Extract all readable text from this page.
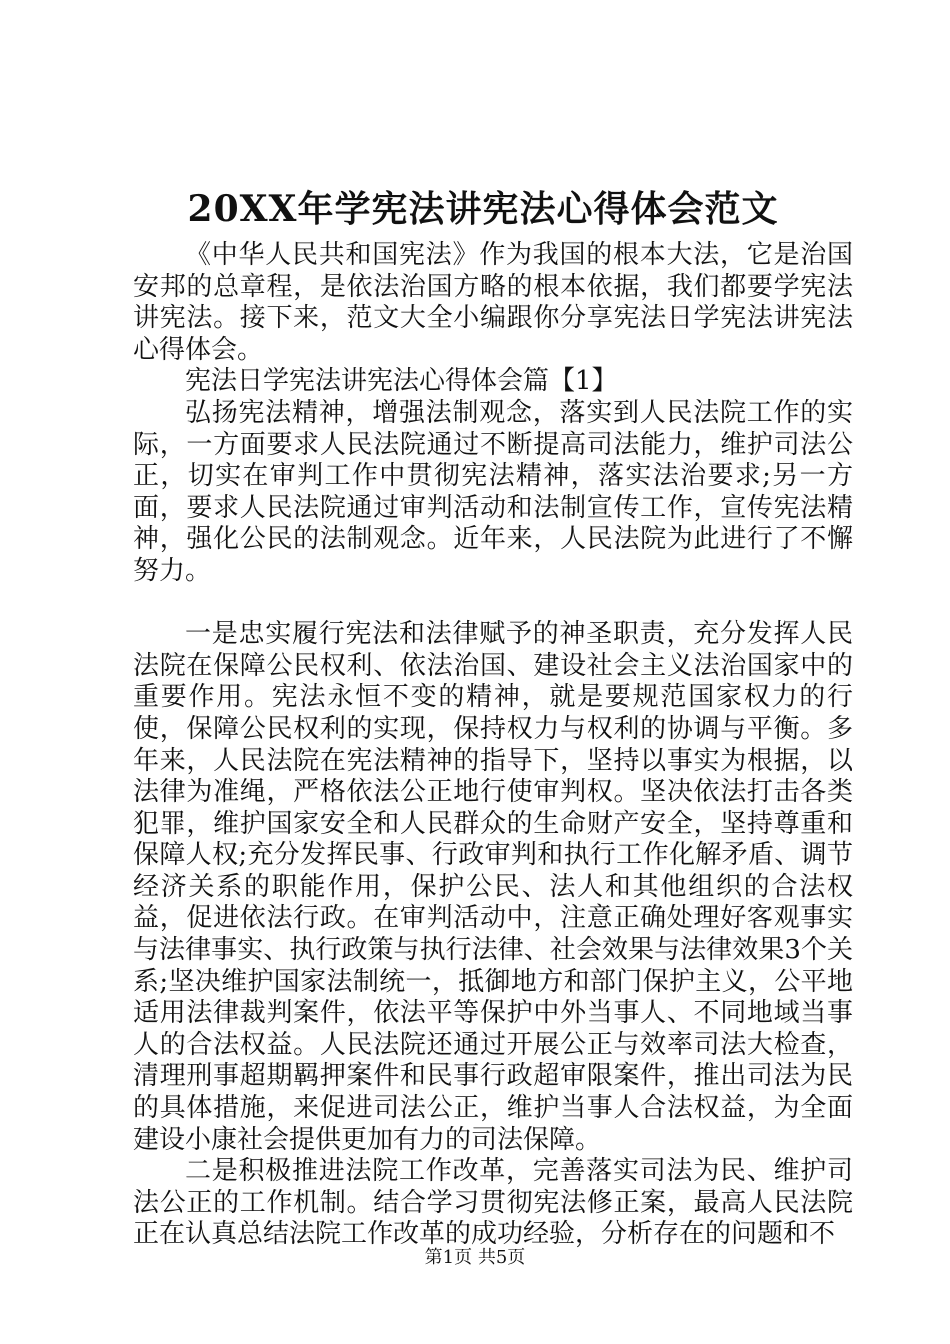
20XX年学宪法讲宪法心得体会范文

《中华人民共和国宪法》作为我国的根本大法，它是治国安邦的总章程，是依法治国方略的根本依据，我们都要学宪法讲宪法。接下来，范文大全小编跟你分享宪法日学宪法讲宪法心得体会。

宪法日学宪法讲宪法心得体会篇【1】

弘扬宪法精神，增强法制观念，落实到人民法院工作的实际，一方面要求人民法院通过不断提高司法能力，维护司法公正，切实在审判工作中贯彻宪法精神，落实法治要求;另一方面，要求人民法院通过审判活动和法制宣传工作，宣传宪法精神，强化公民的法制观念。近年来，人民法院为此进行了不懈努力。

一是忠实履行宪法和法律赋予的神圣职责，充分发挥人民法院在保障公民权利、依法治国、建设社会主义法治国家中的重要作用。宪法永恒不变的精神，就是要规范国家权力的行使，保障公民权利的实现，保持权力与权利的协调与平衡。多年来，人民法院在宪法精神的指导下，坚持以事实为根据，以法律为准绳，严格依法公正地行使审判权。坚决依法打击各类犯罪，维护国家安全和人民群众的生命财产安全，坚持尊重和保障人权;充分发挥民事、行政审判和执行工作化解矛盾、调节经济关系的职能作用，保护公民、法人和其他组织的合法权益，促进依法行政。在审判活动中，注意正确处理好客观事实与法律事实、执行政策与执行法律、社会效果与法律效果3个关系;坚决维护国家法制统一，抵御地方和部门保护主义，公平地适用法律裁判案件，依法平等保护中外当事人、不同地域当事人的合法权益。人民法院还通过开展公正与效率司法大检查，清理刑事超期羁押案件和民事行政超审限案件，推出司法为民的具体措施，来促进司法公正，维护当事人合法权益，为全面建设小康社会提供更加有力的司法保障。

二是积极推进法院工作改革，完善落实司法为民、维护司法公正的工作机制。结合学习贯彻宪法修正案，最高人民法院正在认真总结法院工作改革的成功经验，分析存在的问题和不

第1页 共5页
